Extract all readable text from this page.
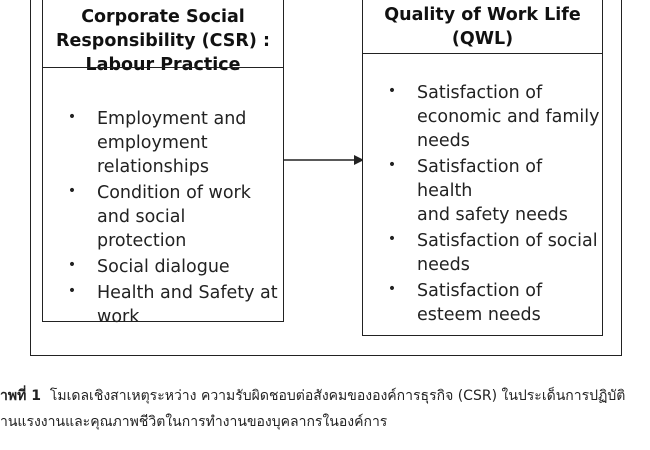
Corporate Social
Responsibility (CSR) :
Labour Practice
• Employment and
employment
relationships
• Condition of work
and social protection
• Social dialogue
• Health and Safety at
work
Quality of Work Life
(QWL)
• Satisfaction of
economic and family
needs
• Satisfaction of health
and safety needs
• Satisfaction of social
needs
• Satisfaction of
esteem needs
าพที่ 1 โมเดลเชิงสาเหตุระหว่าง ความรับผิดชอบต่อสังคมขององค์การธุรกิจ (CSR) ในประเด็นการปฏิบัติ
านแรงงานและคุณภาพชีวิตในการทำงานของบุคลากรในองค์การ
